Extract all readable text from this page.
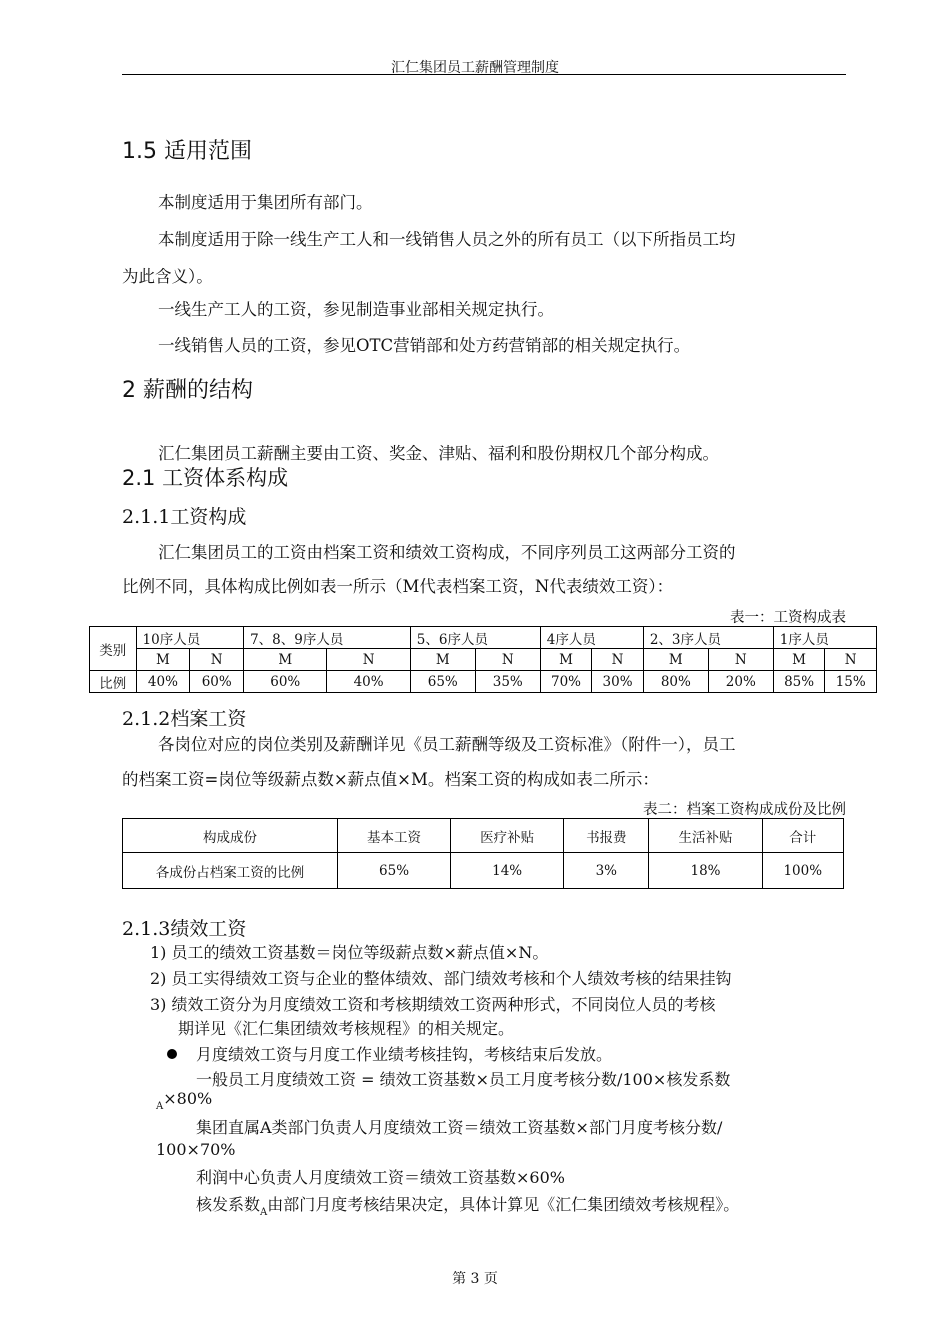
汇仁集团员工薪酬管理制度
1.5 适用范围
本制度适用于集团所有部门。
本制度适用于除一线生产工人和一线销售人员之外的所有员工（以下所指员工均
为此含义）。
一线生产工人的工资，参见制造事业部相关规定执行。
一线销售人员的工资，参见OTC营销部和处方药营销部的相关规定执行。
2 薪酬的结构
汇仁集团员工薪酬主要由工资、奖金、津贴、福利和股份期权几个部分构成。
2.1 工资体系构成
2.1.1工资构成
汇仁集团员工的工资由档案工资和绩效工资构成，不同序列员工这两部分工资的
比例不同，具体构成比例如表一所示（M代表档案工资，N代表绩效工资）：
表一：工资构成表
类别	10序人员		7、8、9序人员		5、6序人员		4序人员		2、3序人员		1序人员	
	M	N	M	N	M	N	M	N	M	N	M	N
比例	40%	60%	60%	40%	65%	35%	70%	30%	80%	20%	85%	15%
2.1.2档案工资
各岗位对应的岗位类别及薪酬详见《员工薪酬等级及工资标准》（附件一），员工
的档案工资=岗位等级薪点数×薪点值×M。档案工资的构成如表二所示：
表二：档案工资构成成份及比例
构成成份	基本工资	医疗补贴	书报费	生活补贴	合计
各成份占档案工资的比例	65%	14%	3%	18%	100%
2.1.3绩效工资
1) 员工的绩效工资基数＝岗位等级薪点数×薪点值×N。
2) 员工实得绩效工资与企业的整体绩效、部门绩效考核和个人绩效考核的结果挂钩
3) 绩效工资分为月度绩效工资和考核期绩效工资两种形式，不同岗位人员的考核
期详见《汇仁集团绩效考核规程》的相关规定。
月度绩效工资与月度工作业绩考核挂钩，考核结束后发放。
一般员工月度绩效工资 = 绩效工资基数×员工月度考核分数/100×核发系数
$_A$×80%
集团直属A类部门负责人月度绩效工资＝绩效工资基数×部门月度考核分数/
100×70%
利润中心负责人月度绩效工资＝绩效工资基数×60%
核发系数$_A$由部门月度考核结果决定，具体计算见《汇仁集团绩效考核规程》。
第 3 页
